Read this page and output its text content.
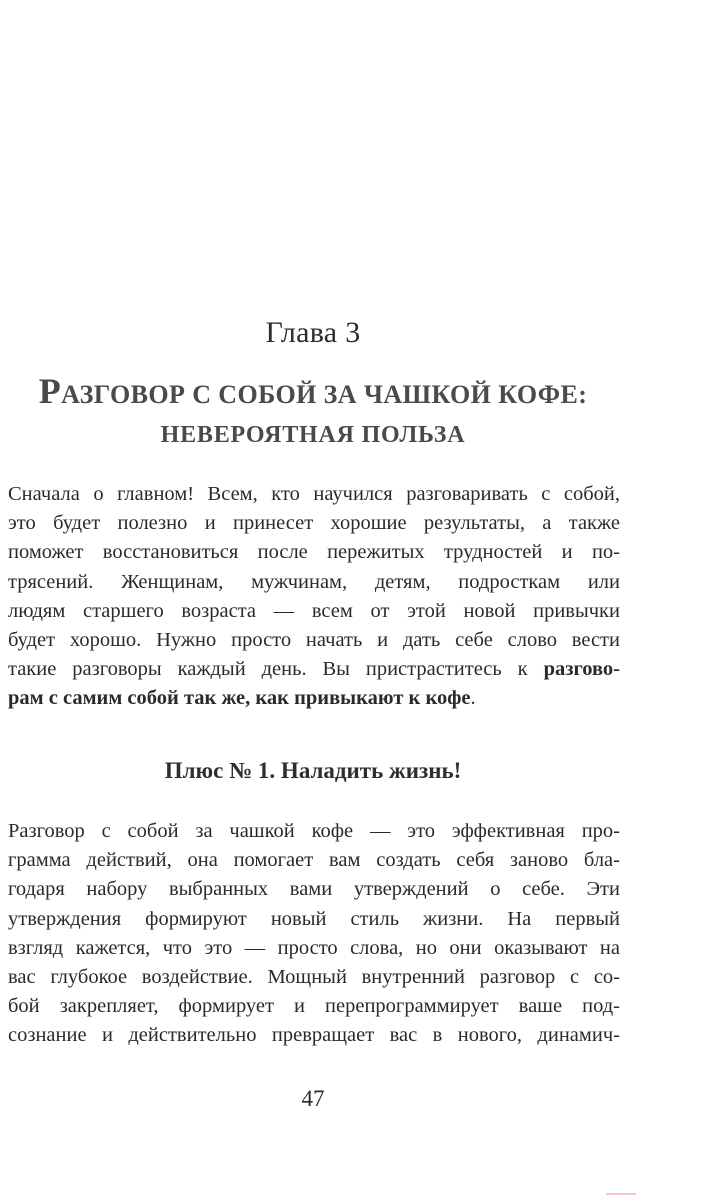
Глава 3
РАЗГОВОР С СОБОЙ ЗА ЧАШКОЙ КОФЕ:
НЕВЕРОЯТНАЯ ПОЛЬЗА
Сначала о главном! Всем, кто научился разговаривать с собой,
это будет полезно и принесет хорошие результаты, а также
поможет восстановиться после пережитых трудностей и по-
трясений. Женщинам, мужчинам, детям, подросткам или
людям старшего возраста — всем от этой новой привычки
будет хорошо. Нужно просто начать и дать себе слово вести
такие разговоры каждый день. Вы пристраститесь к разгово-
рам с самим собой так же, как привыкают к кофе.
Плюс № 1. Наладить жизнь!
Разговор с собой за чашкой кофе — это эффективная про-
грамма действий, она помогает вам создать себя заново бла-
годаря набору выбранных вами утверждений о себе. Эти
утверждения формируют новый стиль жизни. На первый
взгляд кажется, что это — просто слова, но они оказывают на
вас глубокое воздействие. Мощный внутренний разговор с со-
бой закрепляет, формирует и перепрограммирует ваше под-
сознание и действительно превращает вас в нового, динамич-
47
